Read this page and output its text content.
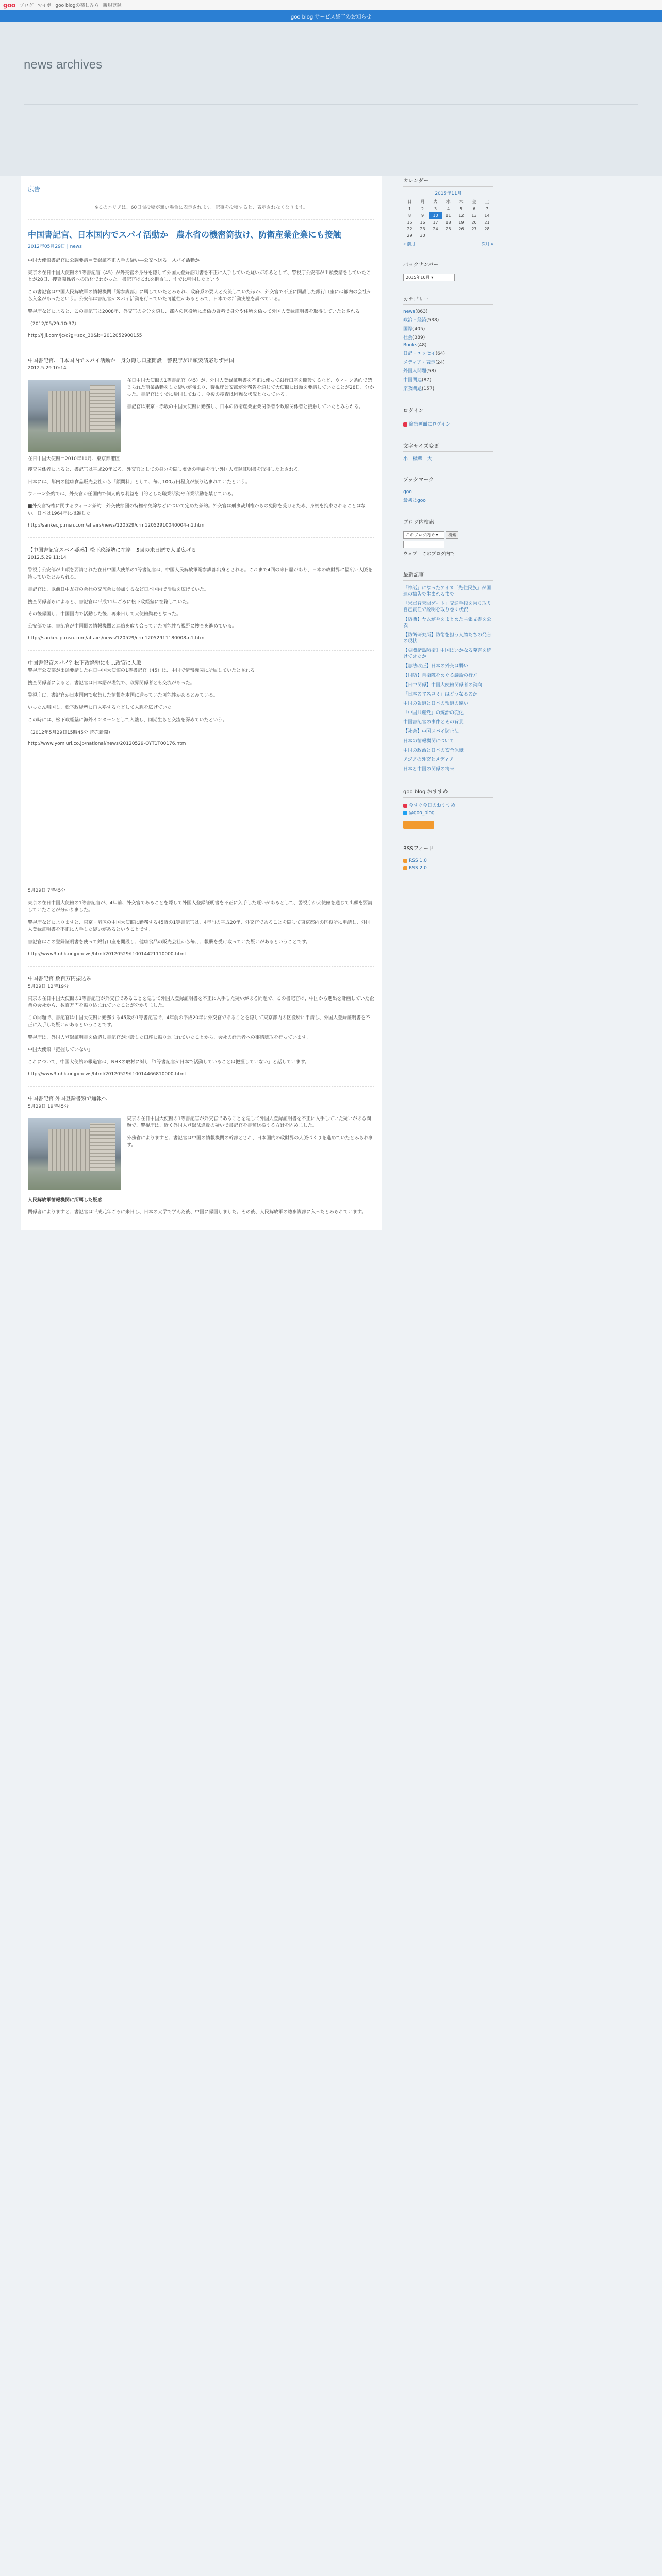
goo ブログ マイボ goo blogの楽しみ方 新規登録
goo blog サービス終了のお知らせ
news archives
広告
※このエリアは、60日間投稿が無い場合に表示されます。記事を投稿すると、表示されなくなります。
中国書記官、日本国内でスパイ活動か　農水省の機密筒抜け、防衛産業企業にも接触
2012年05月29日 | news

中国大使館書記官に公調要請＝登録証不正入手の疑い―公安へ送る　スパイ活動か

東京の在日中国大使館の1等書記官（45）が外交官の身分を隠して外国人登録証明書を不正に入手していた疑いがあるとして、警視庁公安部が出頭要請をしていたことが28日、捜査関係者への取材でわかった。書記官はこれを拒否し、すでに帰国したという。

この書記官は中国人民解放軍の情報機関「総参謀部」に属していたとみられ、政府系の要人と交流していたほか、外交官で不正に開設した銀行口座には都内の会社から入金があったという。公安部は書記官がスパイ活動を行っていた可能性があるとみて、日本での活動実態を調べている。

警視庁などによると、この書記官は2008年、外交官の身分を隠し、都内の区役所に虚偽の資料で身分や住所を偽って外国人登録証明書を取得していたとされる。

（2012/05/29-10:37）

http://jiji.com/jc/c?g=soc_30&k=2012052900155

中国書記官、日本国内でスパイ活動か　身分隠し口座開設　警視庁が出頭要請応じず帰国
2012.5.29 10:14

在日中国大使館の1等書記官（45）が、外国人登録証明書を不正に使って銀行口座を開設するなど、ウィーン条約で禁じられた商業活動をした疑いが強まり、警視庁公安部が外務省を通じて大使館に出頭を要請していたことが28日、分かった。書記官はすでに帰国しており、今後の捜査は困難な状況となっている。

書記官は東京・赤坂の中国大使館に勤務し、日本の防衛産業企業関係者や政府関係者と接触していたとみられる。

在日中国大使館＝2010年10月、東京都港区

捜査関係者によると、書記官は平成20年ごろ、外交官としての身分を隠し虚偽の申請を行い外国人登録証明書を取得したとされる。

日本には、都内の健康食品販売会社から「顧問料」として、毎月100万円程度が振り込まれていたという。

ウィーン条約では、外交官が任国内で個人的な利益を目的とした職業活動や商業活動を禁じている。

■外交官特権に関するウィーン条約　外交使節団の特権や免除などについて定めた条約。外交官は刑事裁判権からの免除を受けるため、身柄を拘束されることはない。日本は1964年に批准した。

http://sankei.jp.msn.com/affairs/news/120529/crm12052910040004-n1.htm

【中国書記官スパイ疑惑】松下政経塾に在籍　5回の来日歴で人脈広げる
2012.5.29 11:14

警視庁公安部が出頭を要請された在日中国大使館の1等書記官は、中国人民解放軍総参謀部出身とされる。これまで4回の来日歴があり、日本の政財界に幅広い人脈を持っていたとみられる。

書記官は、以前日中友好の会社の交流会に参加するなど日本国内で活動を広げていた。

捜査関係者らによると、書記官は平成11年ごろに松下政経塾に在籍していた。

その後帰国し、中国国内で活動した後、再来日して大使館勤務となった。

公安部では、書記官が中国側の情報機関と連絡を取り合っていた可能性も視野に捜査を進めている。

http://sankei.jp.msn.com/affairs/news/120529/crm12052911180008-n1.htm

中国書記官スパイ？松下政経塾にも…政官に人脈

警視庁公安部が出頭要請した在日中国大使館の1等書記官（45）は、中国で情報機関に所属していたとされる。

捜査関係者によると、書記官は日本語が堪能で、政界関係者とも交流があった。

警視庁は、書記官が日本国内で収集した情報を本国に送っていた可能性があるとみている。

いったん帰国し、松下政経塾に再入塾するなどして人脈を広げていた。

この時には、松下政経塾に海外インターンとして入塾し、同期生らと交流を深めていたという。

（2012年5月29日15時45分 読売新聞）

http://www.yomiuri.co.jp/national/news/20120529-OYT1T00176.htm

5月29日 7時45分

東京の在日中国大使館の1等書記官が、4年前、外交官であることを隠して外国人登録証明書を不正に入手した疑いがあるとして、警視庁が大使館を通じて出頭を要請していたことが分かりました。

警視庁などによりますと、東京・港区の中国大使館に勤務する45歳の1等書記官は、4年前の平成20年、外交官であることを隠して東京都内の区役所に申請し、外国人登録証明書を不正に入手した疑いがあるということです。

書記官はこの登録証明書を使って銀行口座を開設し、健康食品の販売会社から毎月、報酬を受け取っていた疑いがあるということです。

http://www3.nhk.or.jp/news/html/20120529/t10014421110000.html

中国書記官 数百万円振込み
5月29日 12時19分

東京の在日中国大使館の1等書記官が外交官であることを隠して外国人登録証明書を不正に入手した疑いがある問題で、この書記官は、中国から進出を計画していた企業の会社から、数百万円を振り込まれていたことが分かりました。

この問題で、書記官は中国大使館に勤務する45歳の1等書記官で、4年前の平成20年に外交官であることを隠して東京都内の区役所に申請し、外国人登録証明書を不正に入手した疑いがあるということです。

警視庁は、外国人登録証明書を偽造し書記官が開設した口座に振り込まれていたことから、会社の経営者への事情聴取を行っています。

中国大使館「把握していない」

これについて、中国大使館の報道官は、NHKの取材に対し「1等書記官が日本で活動していることは把握していない」と話しています。

http://www3.nhk.or.jp/news/html/20120529/t10014466810000.html

中国書記官 外国登録書類で通報へ
5月29日 19時45分

東京の在日中国大使館の1等書記官が外交官であることを隠して外国人登録証明書を不正に入手していた疑いがある問題で、警視庁は、近く外国人登録法違反の疑いで書記官を書類送検する方針を固めました。

外務省によりますと、書記官は中国の情報機関の幹部とされ、日本国内の政財界の人脈づくりを進めていたとみられます。

人民解放軍情報機関に所属した疑惑

関係者によりますと、書記官は平成元年ごろに来日し、日本の大学で学んだ後、中国に帰国しました。その後、人民解放軍の総参謀部に入ったとみられています。

カレンダー
2015年11月
日	月	火	水	木	金	土
1	2	3	4	5	6	7
8	9	10	11	12	13	14
15	16	17	18	19	20	21
22	23	24	25	26	27	28
29	30					
« 前月	次月 »
バックナンバー
2015年10月 ▾
カテゴリー
news(863)
政治・経済(538)
国際(405)
社会(389)
Books(48)
日記・エッセイ(64)
メディア・表示(24)
外国人問題(58)
中国関連(87)
宗教問題(157)
ログイン
編集画面にログイン
文字サイズ変更
小 標準 大
ブックマーク
goo
最初はgoo
ブログ内検索
このブログ内で ▾	検索
ウェブ このブログ内で
最新記事
「神話」になったアイヌ「先住民族」が国連の勧告で生まれるまで
「米軍普天間ゲート」交通手段を乗り取り自己責任で説明を取り巻く状況
【防衛】ヤムがやをまとめた主張文書を公表
【防衛研究所】防衛を担う人物たちの発言の現状
【尖閣諸島防衛】中国はいかなる発言を続けてきたか
【憲法改正】日本の外交は弱い
【国防】自衛隊をめぐる議論の行方
【日中関係】中国大使館関係者の動向
「日本のマスコミ」はどうなるのか
中国の報道と日本の報道の違い
「中国共産党」の統治の変化
中国書記官の事件とその背景
【社会】中国スパイ防止法
日本の情報機関について
中国の政治と日本の安全保障
アジアの外交とメディア
日本と中国の関係の将来
goo blog おすすめ
今すぐ今日のおすすめ
@goo_blog
RSSフィード
RSS 1.0
RSS 2.0
